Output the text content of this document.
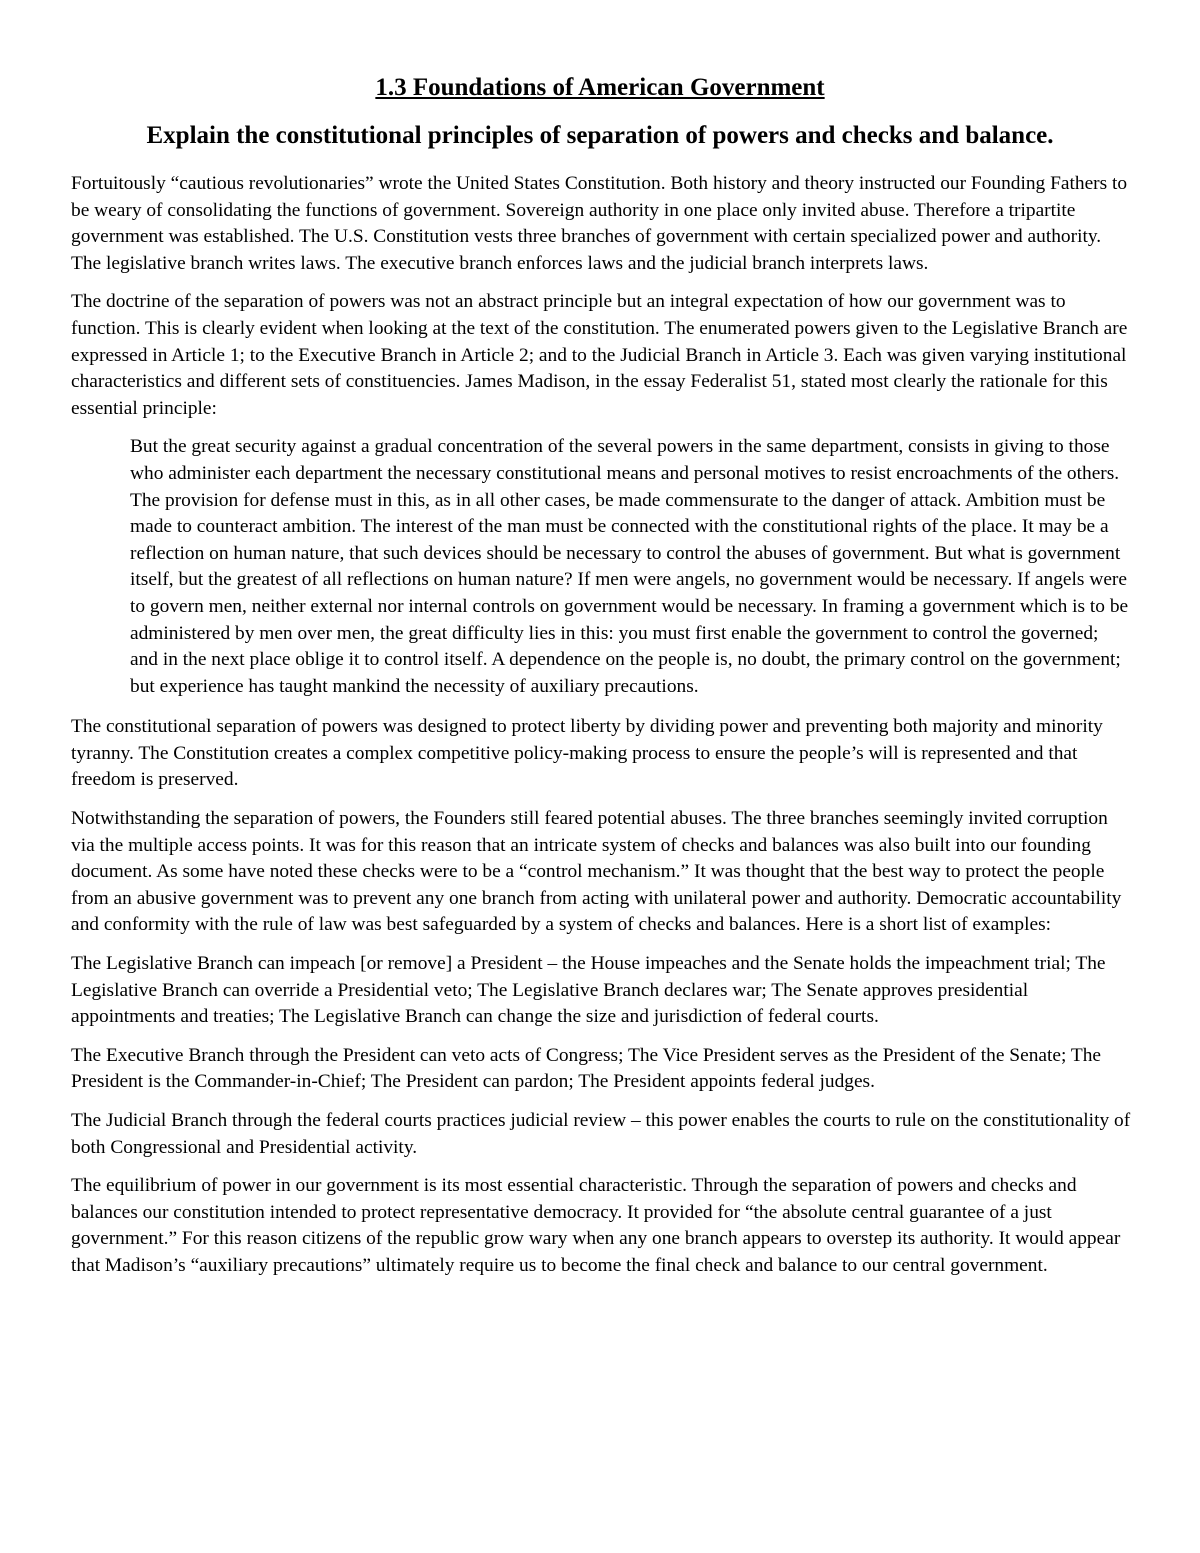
1.3 Foundations of American Government
Explain the constitutional principles of separation of powers and checks and balance.

Fortuitously “cautious revolutionaries” wrote the United States Constitution. Both history and theory instructed our Founding Fathers to be weary of consolidating the functions of government. Sovereign authority in one place only invited abuse. Therefore a tripartite government was established. The U.S. Constitution vests three branches of government with certain specialized power and authority. The legislative branch writes laws. The executive branch enforces laws and the judicial branch interprets laws.

The doctrine of the separation of powers was not an abstract principle but an integral expectation of how our government was to function. This is clearly evident when looking at the text of the constitution. The enumerated powers given to the Legislative Branch are expressed in Article 1; to the Executive Branch in Article 2; and to the Judicial Branch in Article 3. Each was given varying institutional characteristics and different sets of constituencies. James Madison, in the essay Federalist 51, stated most clearly the rationale for this essential principle:

But the great security against a gradual concentration of the several powers in the same department, consists in giving to those who administer each department the necessary constitutional means and personal motives to resist encroachments of the others. The provision for defense must in this, as in all other cases, be made commensurate to the danger of attack. Ambition must be made to counteract ambition. The interest of the man must be connected with the constitutional rights of the place. It may be a reflection on human nature, that such devices should be necessary to control the abuses of government. But what is government itself, but the greatest of all reflections on human nature? If men were angels, no government would be necessary. If angels were to govern men, neither external nor internal controls on government would be necessary. In framing a government which is to be administered by men over men, the great difficulty lies in this: you must first enable the government to control the governed; and in the next place oblige it to control itself. A dependence on the people is, no doubt, the primary control on the government; but experience has taught mankind the necessity of auxiliary precautions.

The constitutional separation of powers was designed to protect liberty by dividing power and preventing both majority and minority tyranny. The Constitution creates a complex competitive policy-making process to ensure the people’s will is represented and that freedom is preserved.

Notwithstanding the separation of powers, the Founders still feared potential abuses. The three branches seemingly invited corruption via the multiple access points. It was for this reason that an intricate system of checks and balances was also built into our founding document. As some have noted these checks were to be a “control mechanism.” It was thought that the best way to protect the people from an abusive government was to prevent any one branch from acting with unilateral power and authority. Democratic accountability and conformity with the rule of law was best safeguarded by a system of checks and balances. Here is a short list of examples:

The Legislative Branch can impeach [or remove] a President – the House impeaches and the Senate holds the impeachment trial; The Legislative Branch can override a Presidential veto; The Legislative Branch declares war; The Senate approves presidential appointments and treaties; The Legislative Branch can change the size and jurisdiction of federal courts.

The Executive Branch through the President can veto acts of Congress; The Vice President serves as the President of the Senate; The President is the Commander-in-Chief; The President can pardon; The President appoints federal judges.

The Judicial Branch through the federal courts practices judicial review – this power enables the courts to rule on the constitutionality of both Congressional and Presidential activity.

The equilibrium of power in our government is its most essential characteristic. Through the separation of powers and checks and balances our constitution intended to protect representative democracy. It provided for “the absolute central guarantee of a just government.” For this reason citizens of the republic grow wary when any one branch appears to overstep its authority. It would appear that Madison’s “auxiliary precautions” ultimately require us to become the final check and balance to our central government.
